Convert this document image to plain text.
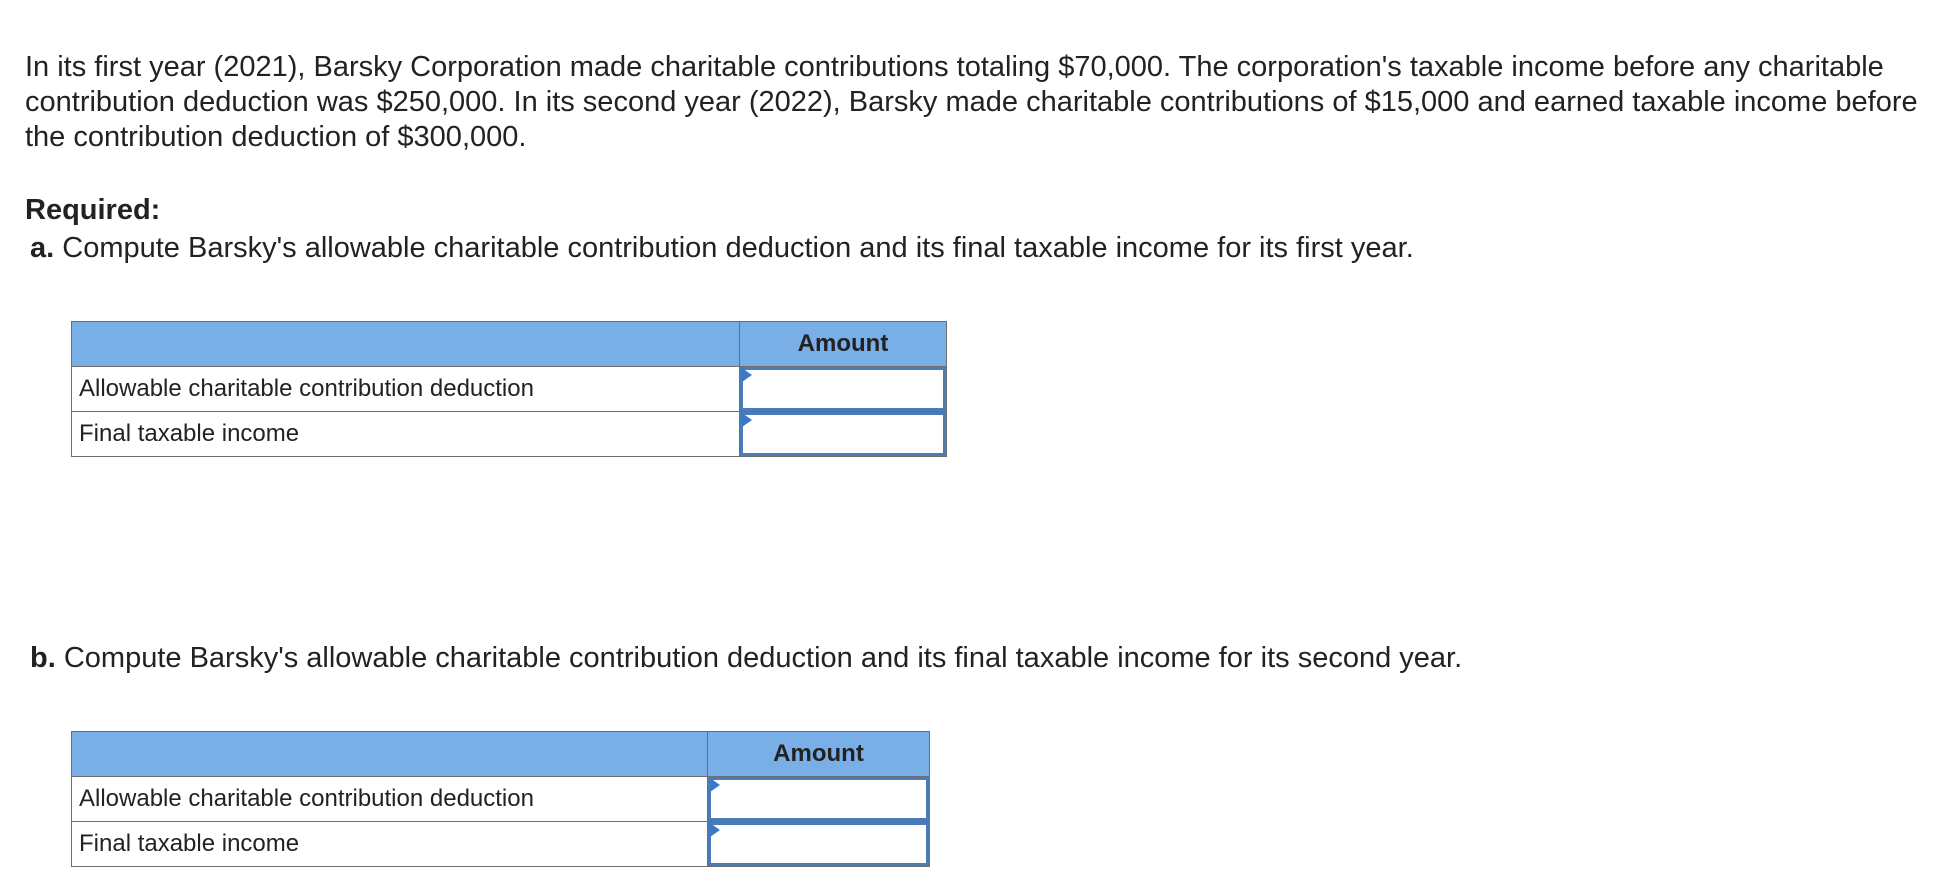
In its first year (2021), Barsky Corporation made charitable contributions totaling $70,000. The corporation's taxable income before any charitable contribution deduction was $250,000. In its second year (2022), Barsky made charitable contributions of $15,000 and earned taxable income before the contribution deduction of $300,000.

Required:

a. Compute Barsky's allowable charitable contribution deduction and its final taxable income for its first year.

	Amount
Allowable charitable contribution deduction	

Final taxable income	

b. Compute Barsky's allowable charitable contribution deduction and its final taxable income for its second year.

	Amount
Allowable charitable contribution deduction	

Final taxable income	
